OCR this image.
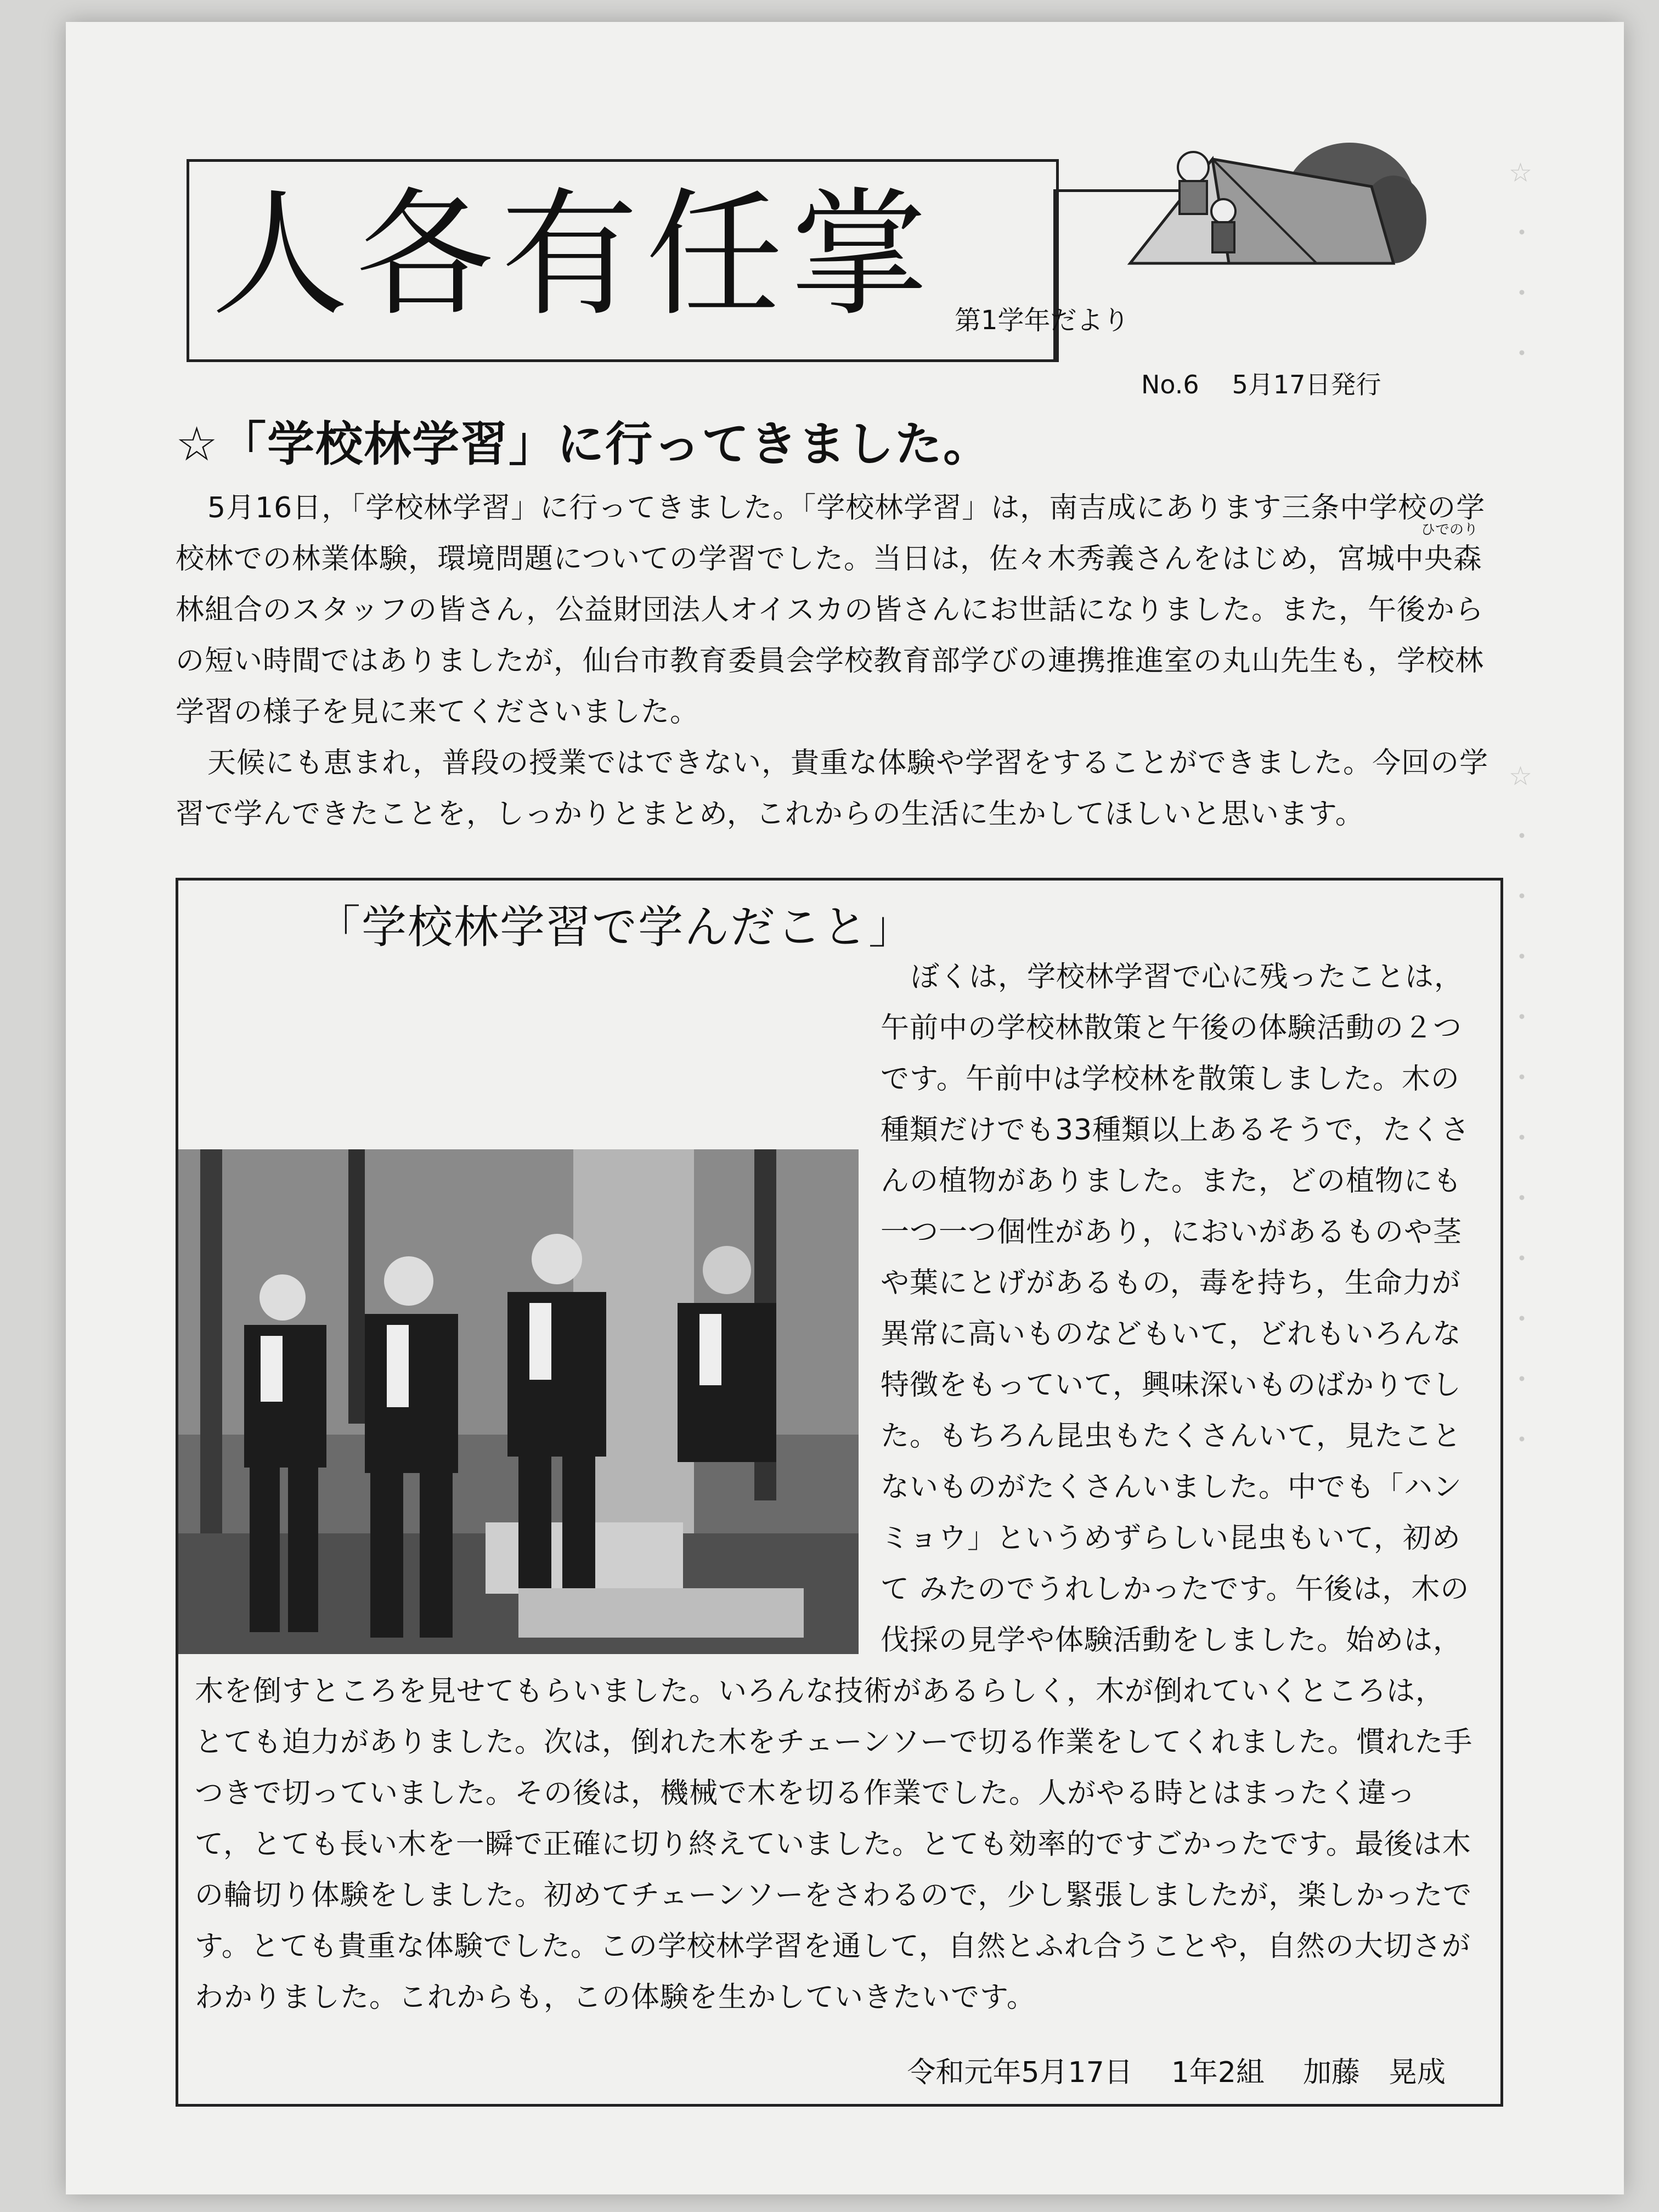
☆
・
・
・

☆
・
・
・
・
・
・
・
・
・
・
・
人各有任掌 第1学年だより
No.6 5月17日発行
☆「学校林学習」に行ってきました。
5月16日，「学校林学習」に行ってきました。「学校林学習」は，南吉成にあります三条中学校の学校林での林業体験，環境問題についての学習でした。当日は，佐々木秀義さんをはじめ，宮城中央森林組合のスタッフの皆さん，公益財団法人オイスカの皆さんにお世話になりました。また，午後からの短い時間ではありましたが，仙台市教育委員会学校教育部学びの連携推進室の丸山先生も，学校林学習の様子を見に来てくださいました。
ひでのり
天候にも恵まれ，普段の授業ではできない，貴重な体験や学習をすることができました。今回の学習で学んできたことを，しっかりとまとめ，これからの生活に生かしてほしいと思います。
「学校林学習で学んだこと」
ぼくは，学校林学習で心に残ったことは，午前中の学校林散策と午後の体験活動の２つです。午前中は学校林を散策しました。木の種類だけでも33種類以上あるそうで，たくさんの植物がありました。また，どの植物にも一つ一つ個性があり，においがあるものや茎や葉にとげがあるもの，毒を持ち，生命力が異常に高いものなどもいて，どれもいろんな特徴をもっていて，興味深いものばかりでした。もちろん昆虫もたくさんいて，見たことないものがたくさんいました。中でも「ハンミョウ」というめずらしい昆虫もいて，初めて みたのでうれしかったです。午後は，木の伐採の見学や体験活動をしました。始めは，木を倒すところを見せてもらいました。いろんな技術があるらしく，木が倒れていくところは，とても迫力がありました。次は，倒れた木をチェーンソーで切る作業をしてくれました。慣れた手つきで切っていました。その後は，機械で木を切る作業でした。人がやる時とはまったく違って，とても長い木を一瞬で正確に切り終えていました。とても効率的ですごかったです。最後は木の輪切り体験をしました。初めてチェーンソーをさわるので，少し緊張しましたが，楽しかったです。とても貴重な体験でした。この学校林学習を通して，自然とふれ合うことや，自然の大切さがわかりました。これからも，この体験を生かしていきたいです。
令和元年5月17日 1年2組 加藤　晃成
